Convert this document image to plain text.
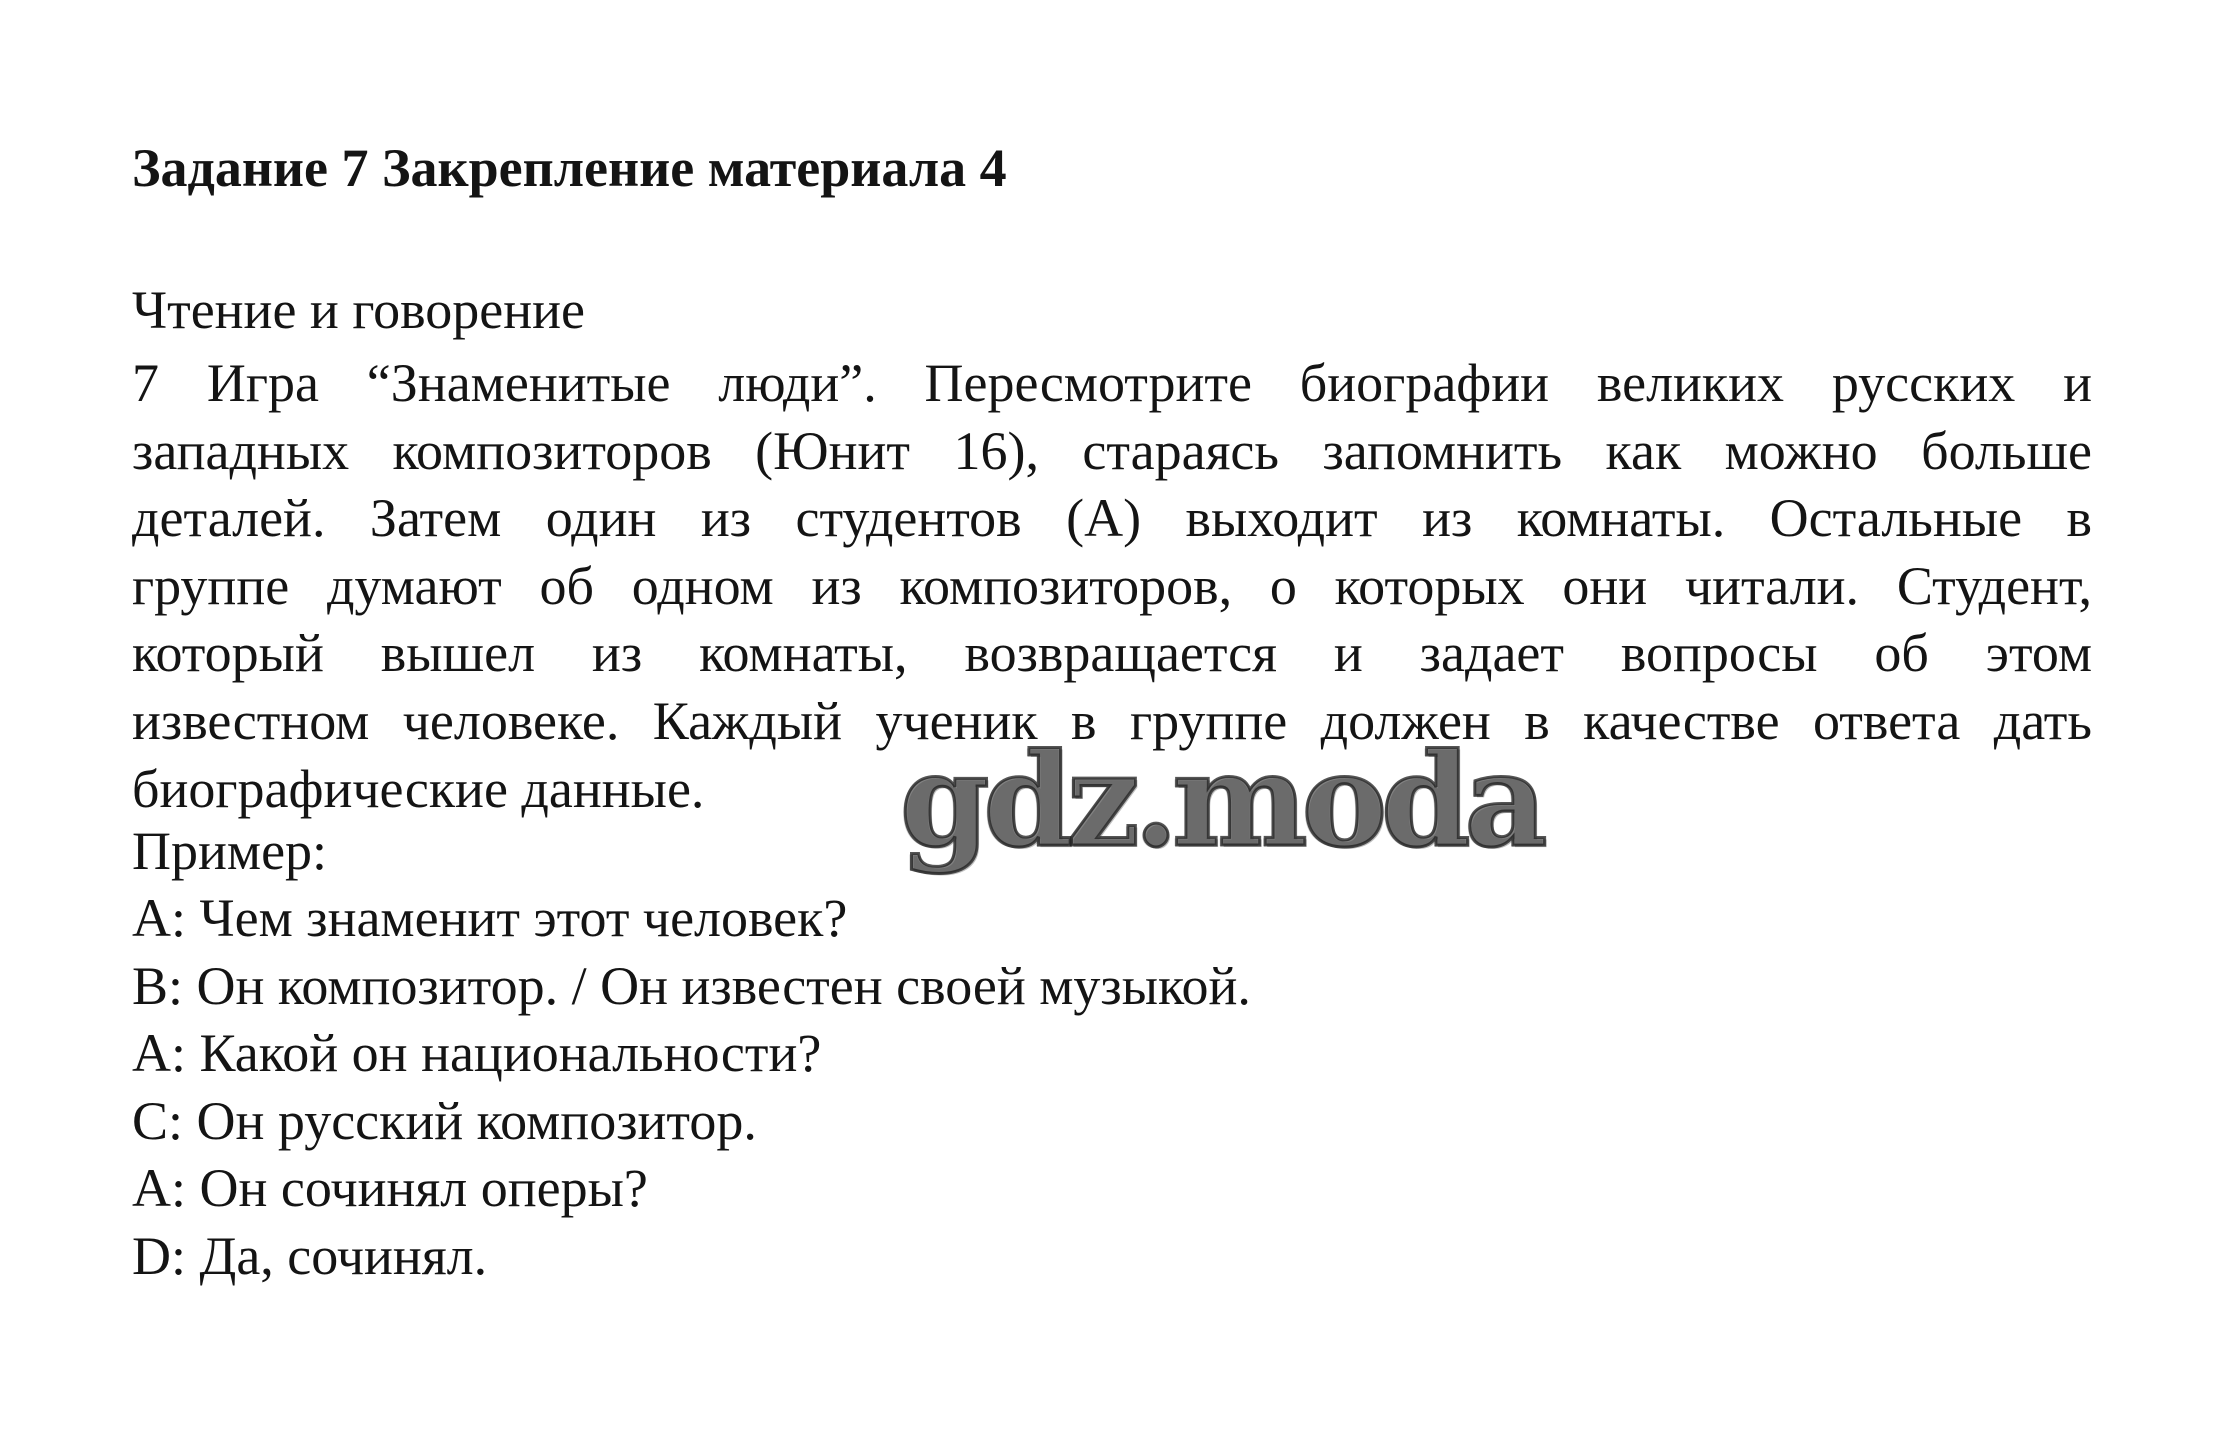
Задание 7 Закрепление материала 4
Чтение и говорение
7 Игра “Знаменитые люди”. Пересмотрите биографии великих русских и
западных композиторов (Юнит 16), стараясь запомнить как можно больше
деталей. Затем один из студентов (А) выходит из комнаты. Остальные в
группе думают об одном из композиторов, о которых они читали. Студент,
который вышел из комнаты, возвращается и задает вопросы об этом
известном человеке. Каждый ученик в группе должен в качестве ответа дать
биографические данные.
Пример:
А: Чем знаменит этот человек?
В: Он композитор. / Он известен своей музыкой.
А: Какой он национальности?
С: Он русский композитор.
А: Он сочинял оперы?
D: Да, сочинял.
gdz.moda
